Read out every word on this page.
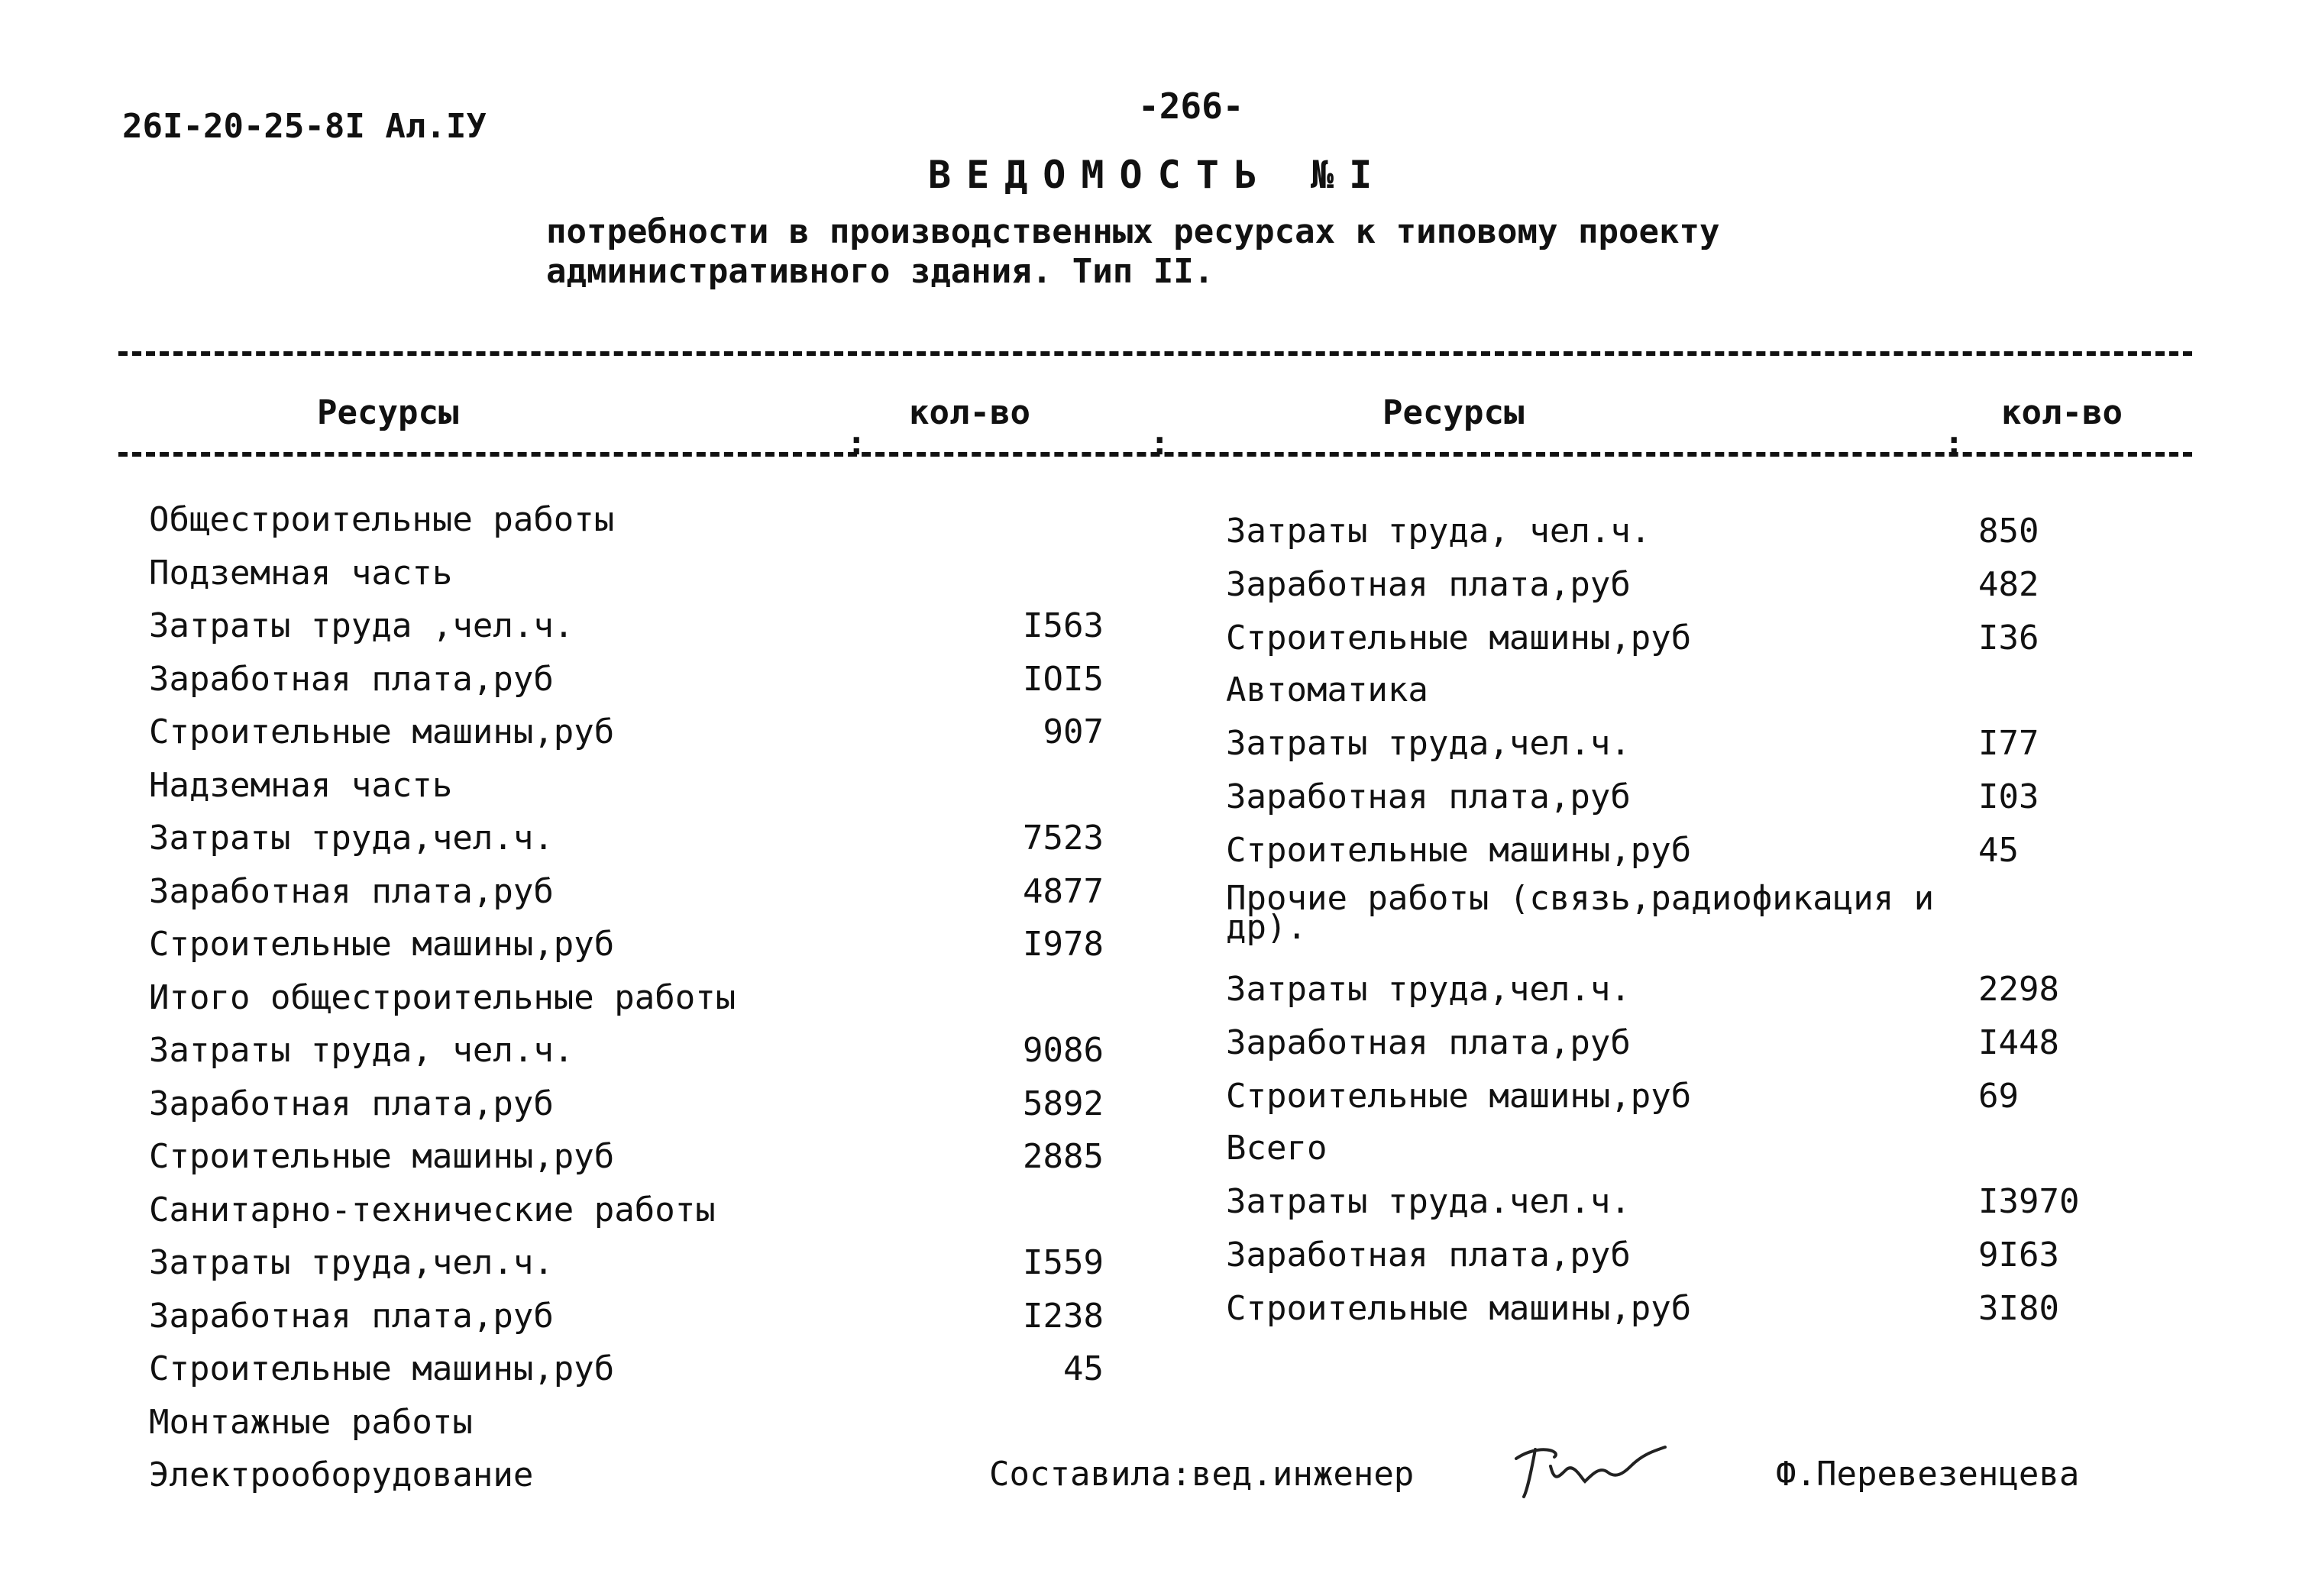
26I-20-25-8I Ал.IУ	-266-
ВЕДОМОСТЬ №I
потребности в производственных ресурсах к типовому проекту
административного здания. Тип II.
Ресурсы	кол-во	Ресурсы	кол-во
:	:	:
Общестроительные работы
Подземная часть
Затраты труда ,чел.ч.	I563
Заработная плата,руб	IOI5
Строительные машины,руб	907
Надземная часть
Затраты труда,чел.ч.	7523
Заработная плата,руб	4877
Строительные машины,руб	I978
Итого общестроительные работы
Затраты труда, чел.ч.	9086
Заработная плата,руб	5892
Строительные машины,руб	2885
Санитарно-технические работы
Затраты труда,чел.ч.	I559
Заработная плата,руб	I238
Строительные машины,руб	45
Монтажные работы
Электрооборудование
Затраты труда, чел.ч.	850
Заработная плата,руб	482
Строительные машины,руб	I36
Автоматика
Затраты труда,чел.ч.	I77
Заработная плата,руб	I03
Строительные машины,руб	45
Прочие работы (связь,радиофикация и др).
Затраты труда,чел.ч.	2298
Заработная плата,руб	I448
Строительные машины,руб	69
Всего
Затраты труда.чел.ч.	I3970
Заработная плата,руб	9I63
Строительные машины,руб	3I80
Составила:вед.инженер	Ф.Перевезенцева
